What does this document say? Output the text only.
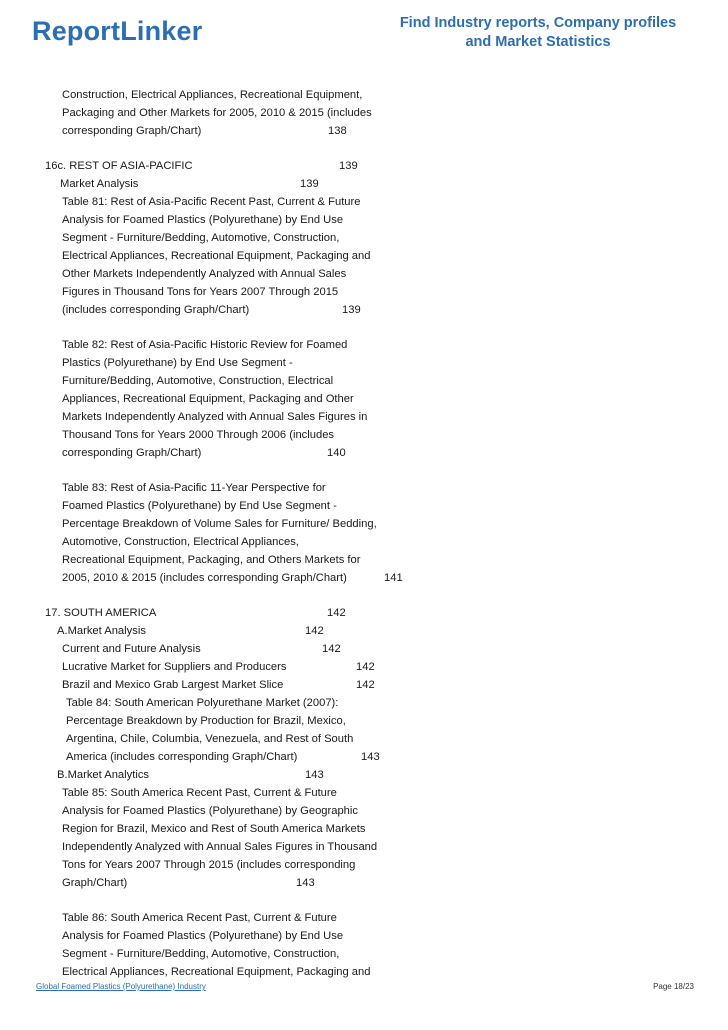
ReportLinker	Find Industry reports, Company profiles
and Market Statistics
Construction, Electrical Appliances, Recreational Equipment,
Packaging and Other Markets for 2005, 2010 & 2015 (includes
corresponding Graph/Chart)	138
16c. REST OF ASIA-PACIFIC	139
Market Analysis	139
Table 81: Rest of Asia-Pacific Recent Past, Current & Future
Analysis for Foamed Plastics (Polyurethane) by End Use
Segment - Furniture/Bedding, Automotive, Construction,
Electrical Appliances, Recreational Equipment, Packaging and
Other Markets Independently Analyzed with Annual Sales
Figures in Thousand Tons for Years 2007 Through 2015
(includes corresponding Graph/Chart)	139
Table 82: Rest of Asia-Pacific Historic Review for Foamed
Plastics (Polyurethane) by End Use Segment -
Furniture/Bedding, Automotive, Construction, Electrical
Appliances, Recreational Equipment, Packaging and Other
Markets Independently Analyzed with Annual Sales Figures in
Thousand Tons for Years 2000 Through 2006 (includes
corresponding Graph/Chart)	140
Table 83: Rest of Asia-Pacific 11-Year Perspective for
Foamed Plastics (Polyurethane) by End Use Segment -
Percentage Breakdown of Volume Sales for Furniture/ Bedding,
Automotive, Construction, Electrical Appliances,
Recreational Equipment, Packaging, and Others Markets for
2005, 2010 & 2015 (includes corresponding Graph/Chart)	141
17. SOUTH AMERICA	142
A.Market Analysis	142
Current and Future Analysis	142
Lucrative Market for Suppliers and Producers	142
Brazil and Mexico Grab Largest Market Slice	142
Table 84: South American Polyurethane Market (2007):
Percentage Breakdown by Production for Brazil, Mexico,
Argentina, Chile, Columbia, Venezuela, and Rest of South
America (includes corresponding Graph/Chart)	143
B.Market Analytics	143
Table 85: South America Recent Past, Current & Future
Analysis for Foamed Plastics (Polyurethane) by Geographic
Region for Brazil, Mexico and Rest of South America Markets
Independently Analyzed with Annual Sales Figures in Thousand
Tons for Years 2007 Through 2015 (includes corresponding
Graph/Chart)	143
Table 86: South America Recent Past, Current & Future
Analysis for Foamed Plastics (Polyurethane) by End Use
Segment - Furniture/Bedding, Automotive, Construction,
Electrical Appliances, Recreational Equipment, Packaging and
Global Foamed Plastics (Polyurethane) Industry	Page 18/23
